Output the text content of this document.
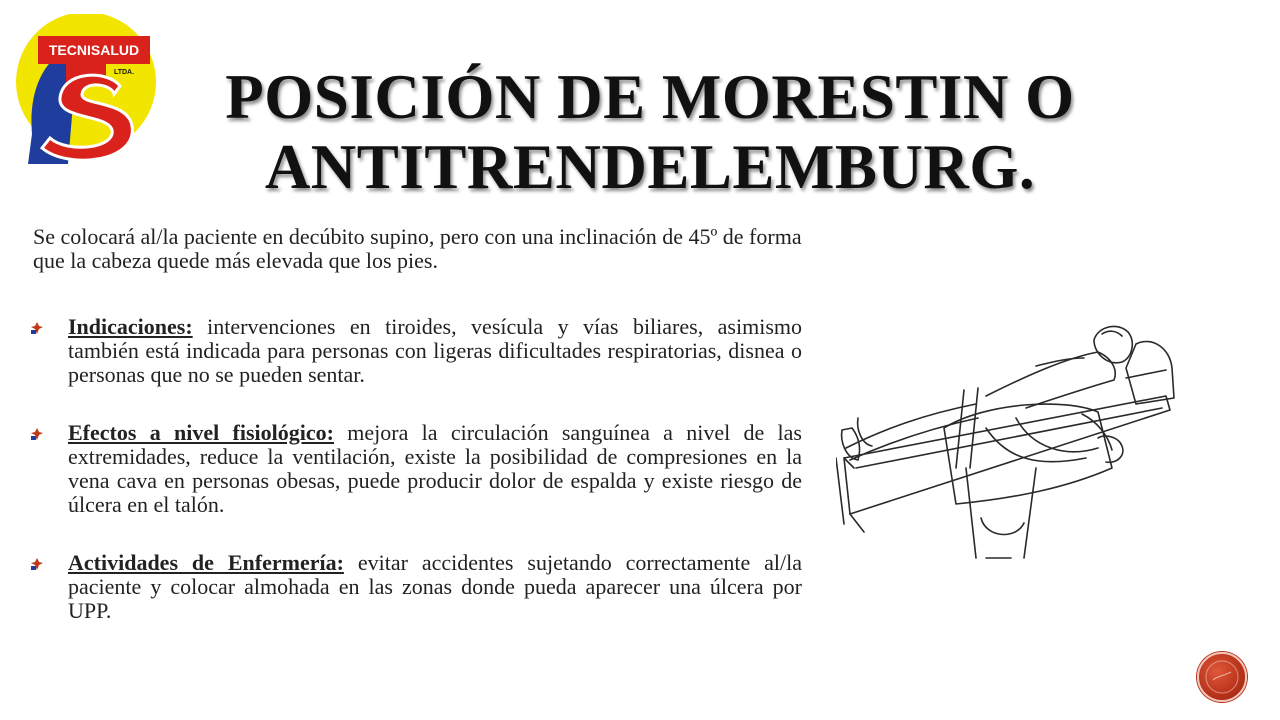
TECNISALUD
LTDA.	POSICIÓN DE MORESTIN O
ANTITRENDELEMBURG.
Se colocará al/la paciente en decúbito supino, pero con una inclinación de 45º de forma que la cabeza quede más elevada que los pies.
Indicaciones: intervenciones en tiroides, vesícula y vías biliares, asimismo también está indicada para personas con ligeras dificultades respiratorias, disnea o personas que no se pueden sentar.
Efectos a nivel fisiológico: mejora la circulación sanguínea a nivel de las extremidades, reduce la ventilación, existe la posibilidad de compresiones en la vena cava en personas obesas, puede producir dolor de espalda y existe riesgo de úlcera en el talón.
Actividades de Enfermería: evitar accidentes sujetando correctamente al/la paciente y colocar almohada en las zonas donde pueda aparecer una úlcera por UPP.
